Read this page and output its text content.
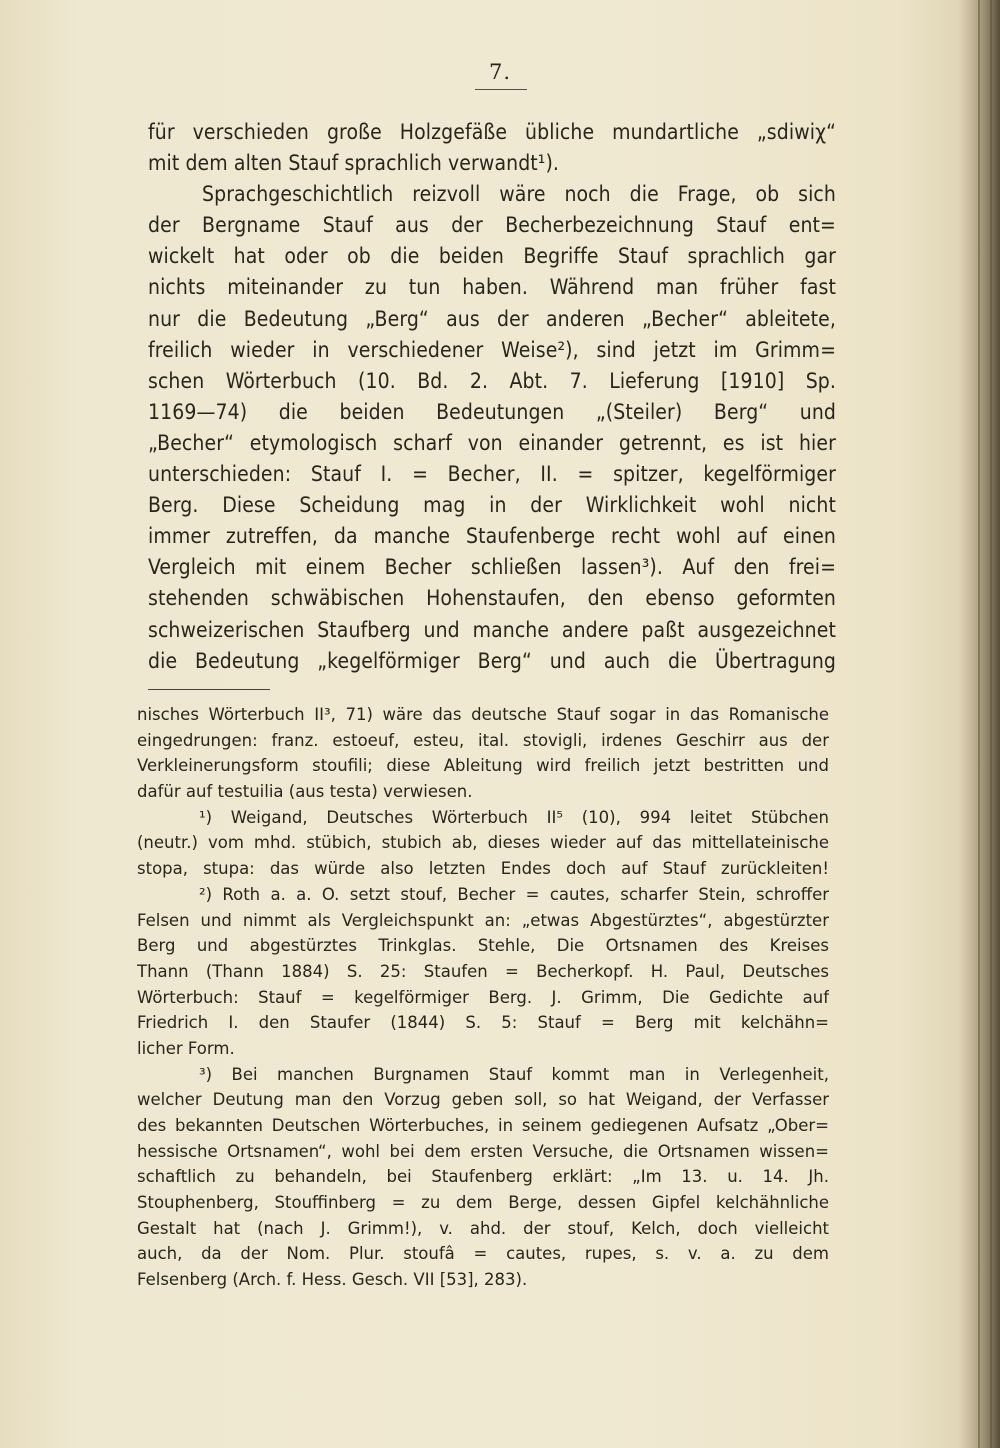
7.
für verschieden große Holzgefäße übliche mundartliche „sdiwiχ“
mit dem alten Stauf sprachlich verwandt¹).
Sprachgeschichtlich reizvoll wäre noch die Frage, ob sich
der Bergname Stauf aus der Becherbezeichnung Stauf ent=
wickelt hat oder ob die beiden Begriffe Stauf sprachlich gar
nichts miteinander zu tun haben. Während man früher fast
nur die Bedeutung „Berg“ aus der anderen „Becher“ ableitete,
freilich wieder in verschiedener Weise²), sind jetzt im Grimm=
schen Wörterbuch (10. Bd. 2. Abt. 7. Lieferung [1910] Sp.
1169—74) die beiden Bedeutungen „(Steiler) Berg“ und
„Becher“ etymologisch scharf von einander getrennt, es ist hier
unterschieden: Stauf I. = Becher, II. = spitzer, kegelförmiger
Berg. Diese Scheidung mag in der Wirklichkeit wohl nicht
immer zutreffen, da manche Staufenberge recht wohl auf einen
Vergleich mit einem Becher schließen lassen³). Auf den frei=
stehenden schwäbischen Hohenstaufen, den ebenso geformten
schweizerischen Staufberg und manche andere paßt ausgezeichnet
die Bedeutung „kegelförmiger Berg“ und auch die Übertragung
nisches Wörterbuch II³, 71) wäre das deutsche Stauf sogar in das Romanische
eingedrungen: franz. estoeuf, esteu, ital. stovigli, irdenes Geschirr aus der
Verkleinerungsform stoufili; diese Ableitung wird freilich jetzt bestritten und
dafür auf testuilia (aus testa) verwiesen.
¹) Weigand, Deutsches Wörterbuch II⁵ (10), 994 leitet Stübchen
(neutr.) vom mhd. stübich, stubich ab, dieses wieder auf das mittellateinische
stopa, stupa: das würde also letzten Endes doch auf Stauf zurückleiten!
²) Roth a. a. O. setzt stouf, Becher = cautes, scharfer Stein, schroffer
Felsen und nimmt als Vergleichspunkt an: „etwas Abgestürztes“, abgestürzter
Berg und abgestürztes Trinkglas. Stehle, Die Ortsnamen des Kreises
Thann (Thann 1884) S. 25: Staufen = Becherkopf. H. Paul, Deutsches
Wörterbuch: Stauf = kegelförmiger Berg. J. Grimm, Die Gedichte auf
Friedrich I. den Staufer (1844) S. 5: Stauf = Berg mit kelchähn=
licher Form.
³) Bei manchen Burgnamen Stauf kommt man in Verlegenheit,
welcher Deutung man den Vorzug geben soll, so hat Weigand, der Verfasser
des bekannten Deutschen Wörterbuches, in seinem gediegenen Aufsatz „Ober=
hessische Ortsnamen“, wohl bei dem ersten Versuche, die Ortsnamen wissen=
schaftlich zu behandeln, bei Staufenberg erklärt: „Im 13. u. 14. Jh.
Stouphenberg, Stouffinberg = zu dem Berge, dessen Gipfel kelchähnliche
Gestalt hat (nach J. Grimm!), v. ahd. der stouf, Kelch, doch vielleicht
auch, da der Nom. Plur. stoufâ = cautes, rupes, s. v. a. zu dem
Felsenberg (Arch. f. Hess. Gesch. VII [53], 283).
